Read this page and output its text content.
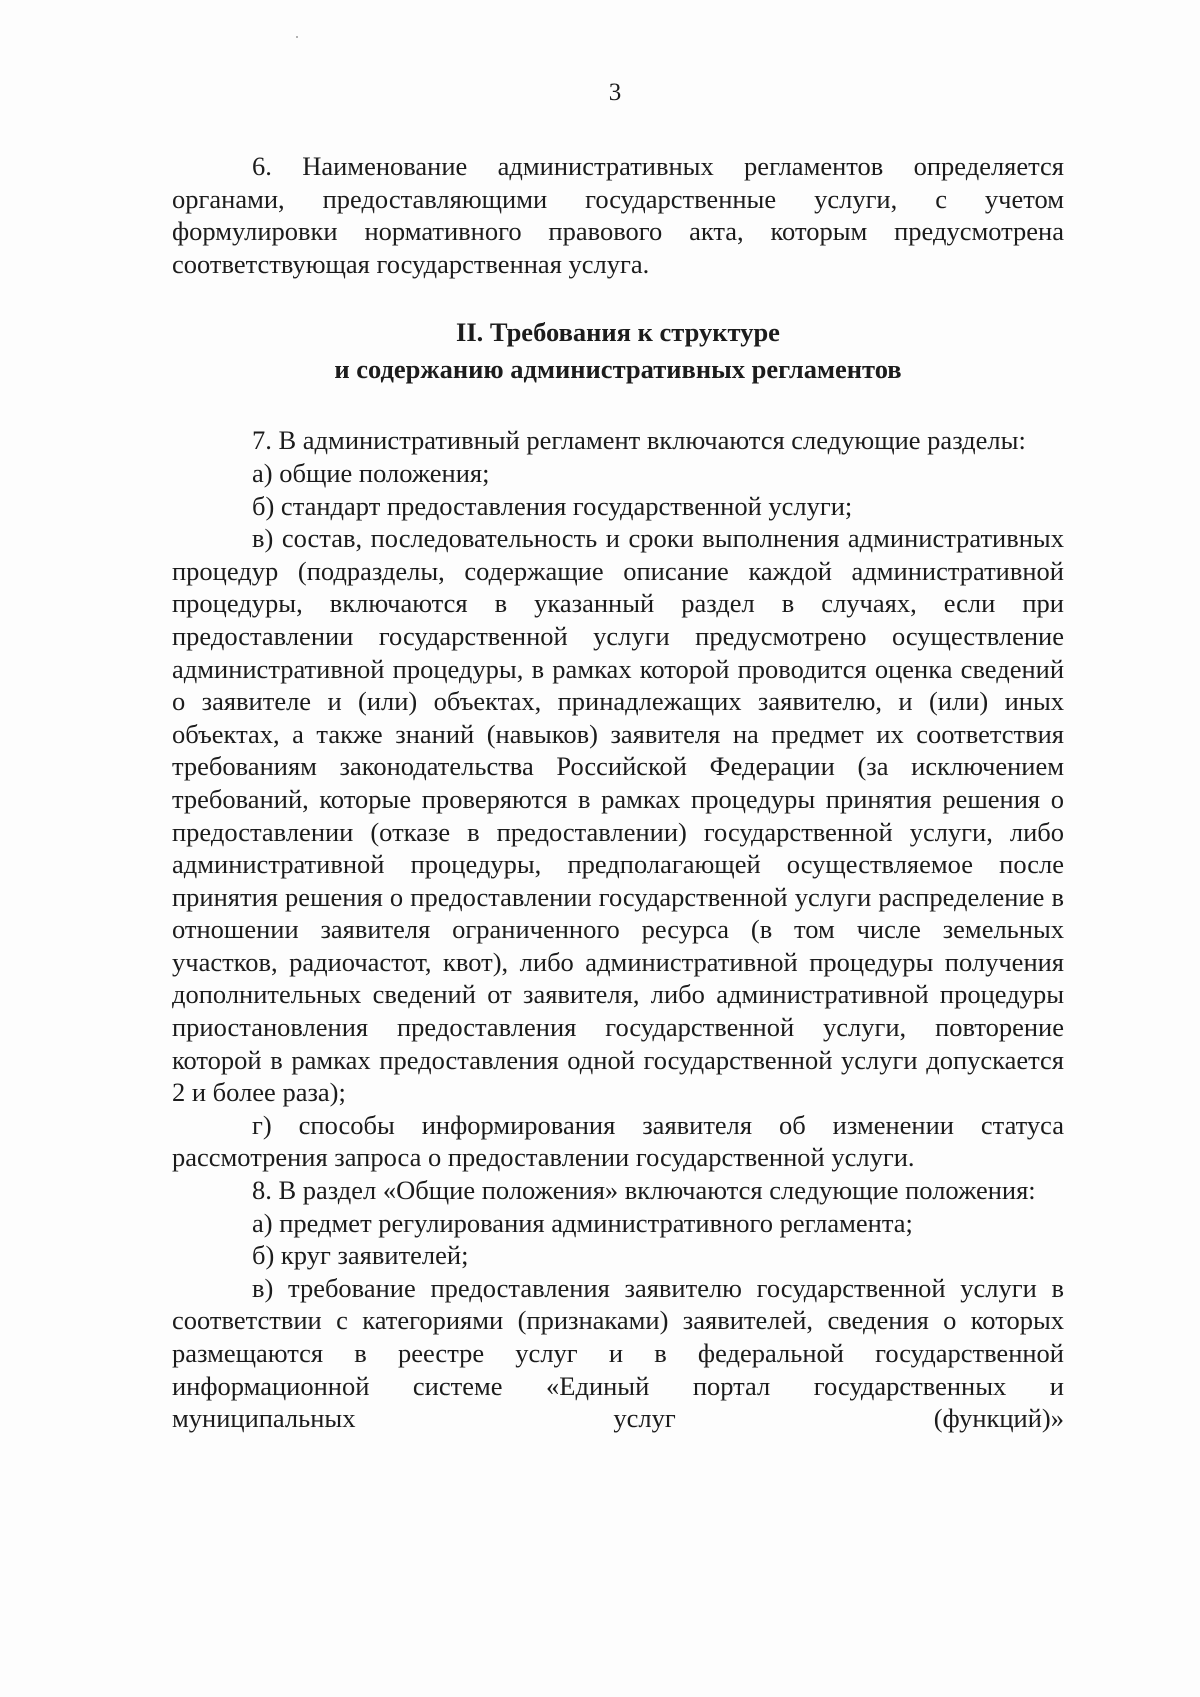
3

6. Наименование административных регламентов определяется органами, предоставляющими государственные услуги, с учетом формулировки нормативного правового акта, которым предусмотрена соответствующая государственная услуга.

II. Требования к структуре
и содержанию административных регламентов

7. В административный регламент включаются следующие разделы:

а) общие положения;

б) стандарт предоставления государственной услуги;

в) состав, последовательность и сроки выполнения административных процедур (подразделы, содержащие описание каждой административной процедуры, включаются в указанный раздел в случаях, если при предоставлении государственной услуги предусмотрено осуществление административной процедуры, в рамках которой проводится оценка сведений о заявителе и (или) объектах, принадлежащих заявителю, и (или) иных объектах, а также знаний (навыков) заявителя на предмет их соответствия требованиям законодательства Российской Федерации (за исключением требований, которые проверяются в рамках процедуры принятия решения о предоставлении (отказе в предоставлении) государственной услуги, либо административной процедуры, предполагающей осуществляемое после принятия решения о предоставлении государственной услуги распределение в отношении заявителя ограниченного ресурса (в том числе земельных участков, радиочастот, квот), либо административной процедуры получения дополнительных сведений от заявителя, либо административной процедуры приостановления предоставления государственной услуги, повторение которой в рамках предоставления одной государственной услуги допускается 2 и более раза);

г) способы информирования заявителя об изменении статуса рассмотрения запроса о предоставлении государственной услуги.

8. В раздел «Общие положения» включаются следующие положения:

а) предмет регулирования административного регламента;

б) круг заявителей;

в) требование предоставления заявителю государственной услуги в соответствии с категориями (признаками) заявителей, сведения о которых размещаются в реестре услуг и в федеральной государственной информационной системе «Единый портал государственных и муниципальных услуг (функций)»
